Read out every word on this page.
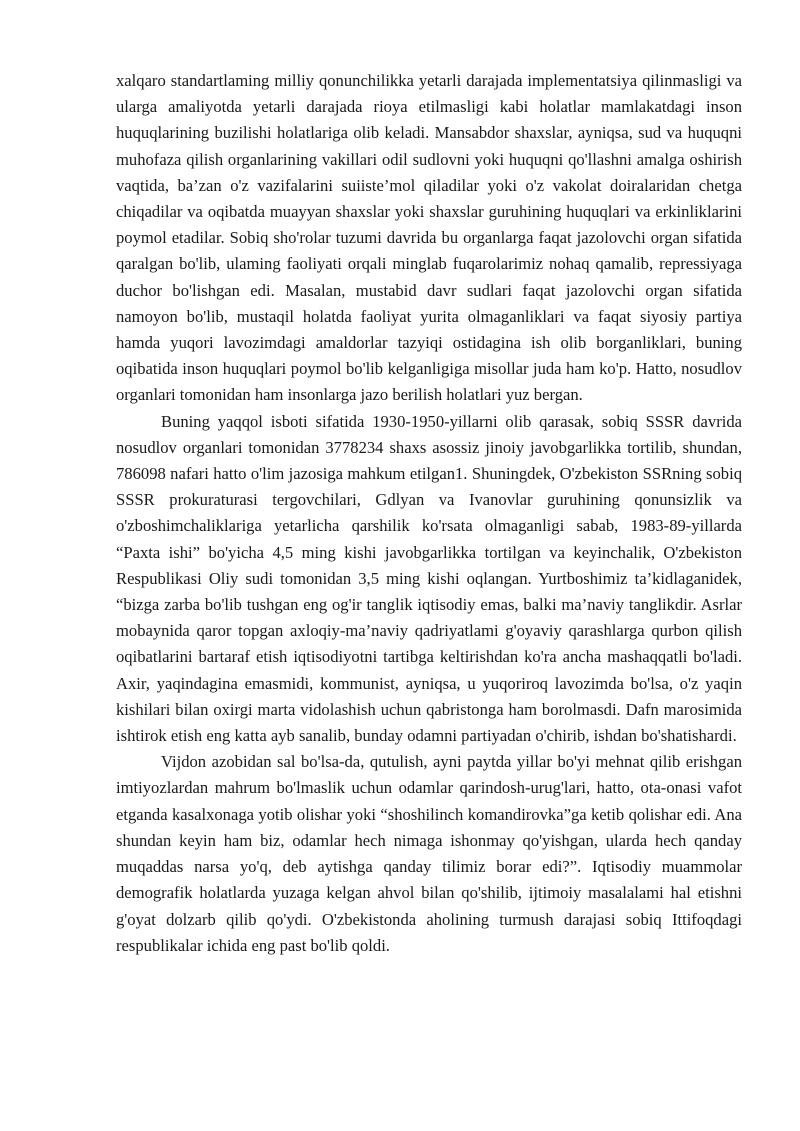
xalqaro standartlaming milliy qonunchilikka yetarli darajada implementatsiya qilinmasligi va ularga amaliyotda yetarli darajada rioya etilmasligi kabi holatlar mamlakatdagi inson huquqlarining buzilishi holatlariga olib keladi. Mansabdor shaxslar, ayniqsa, sud va huquqni muhofaza qilish organlarining vakillari odil sudlovni yoki huquqni qo'llashni amalga oshirish vaqtida, ba’zan o'z vazifalarini suiiste’mol qiladilar yoki o'z vakolat doiralaridan chetga chiqadilar va oqibatda muayyan shaxslar yoki shaxslar guruhining huquqlari va erkinliklarini poymol etadilar. Sobiq sho'rolar tuzumi davrida bu organlarga faqat jazolovchi organ sifatida qaralgan bo'lib, ulaming faoliyati orqali minglab fuqarolarimiz nohaq qamalib, repressiyaga duchor bo'lishgan edi. Masalan, mustabid davr sudlari faqat jazolovchi organ sifatida namoyon bo'lib, mustaqil holatda faoliyat yurita olmaganliklari va faqat siyosiy partiya hamda yuqori lavozimdagi amaldorlar tazyiqi ostidagina ish olib borganliklari, buning oqibatida inson huquqlari poymol bo'lib kelganligiga misollar juda ham ko'p. Hatto, nosudlov organlari tomonidan ham insonlarga jazo berilish holatlari yuz bergan.

Buning yaqqol isboti sifatida 1930-1950-yillarni olib qarasak, sobiq SSSR davrida nosudlov organlari tomonidan 3778234 shaxs asossiz jinoiy javobgarlikka tortilib, shundan, 786098 nafari hatto o'lim jazosiga mahkum etilgan1. Shuningdek, O'zbekiston SSRning sobiq SSSR prokuraturasi tergovchilari, Gdlyan va Ivanovlar guruhining qonunsizlik va o'zboshimchaliklariga yetarlicha qarshilik ko'rsata olmaganligi sabab, 1983-89-yillarda “Paxta ishi” bo'yicha 4,5 ming kishi javobgarlikka tortilgan va keyinchalik, O'zbekiston Respublikasi Oliy sudi tomonidan 3,5 ming kishi oqlangan. Yurtboshimiz ta’kidlaganidek, “bizga zarba bo'lib tushgan eng og'ir tanglik iqtisodiy emas, balki ma’naviy tanglikdir. Asrlar mobaynida qaror topgan axloqiy-ma’naviy qadriyatlami g'oyaviy qarashlarga qurbon qilish oqibatlarini bartaraf etish iqtisodiyotni tartibga keltirishdan ko'ra ancha mashaqqatli bo'ladi. Axir, yaqindagina emasmidi, kommunist, ayniqsa, u yuqoriroq lavozimda bo'lsa, o'z yaqin kishilari bilan oxirgi marta vidolashish uchun qabristonga ham borolmasdi. Dafn marosimida ishtirok etish eng katta ayb sanalib, bunday odamni partiyadan o'chirib, ishdan bo'shatishardi.

Vijdon azobidan sal bo'lsa-da, qutulish, ayni paytda yillar bo'yi mehnat qilib erishgan imtiyozlardan mahrum bo'lmaslik uchun odamlar qarindosh-urug'lari, hatto, ota-onasi vafot etganda kasalxonaga yotib olishar yoki “shoshilinch komandirovka”ga ketib qolishar edi. Ana shundan keyin ham biz, odamlar hech nimaga ishonmay qo'yishgan, ularda hech qanday muqaddas narsa yo'q, deb aytishga qanday tilimiz borar edi?”. Iqtisodiy muammolar demografik holatlarda yuzaga kelgan ahvol bilan qo'shilib, ijtimoiy masalalami hal etishni g'oyat dolzarb qilib qo'ydi. O'zbekistonda aholining turmush darajasi sobiq Ittifoqdagi respublikalar ichida eng past bo'lib qoldi.
